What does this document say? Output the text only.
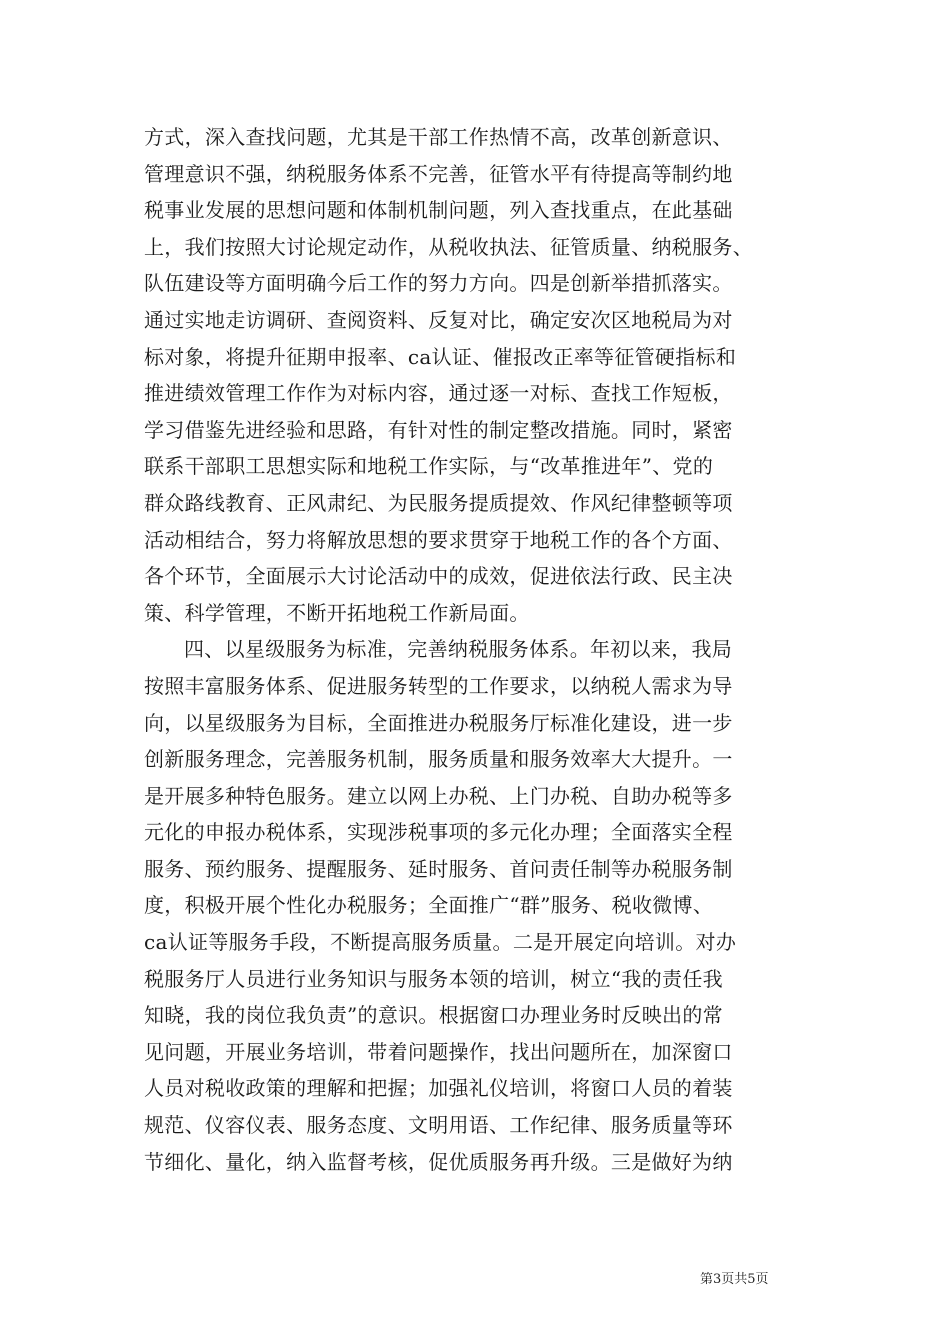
方式，深入查找问题，尤其是干部工作热情不高，改革创新意识、
管理意识不强，纳税服务体系不完善，征管水平有待提高等制约地
税事业发展的思想问题和体制机制问题，列入查找重点，在此基础
上，我们按照大讨论规定动作，从税收执法、征管质量、纳税服务、
队伍建设等方面明确今后工作的努力方向。四是创新举措抓落实。
通过实地走访调研、查阅资料、反复对比，确定安次区地税局为对
标对象，将提升征期申报率、ca认证、催报改正率等征管硬指标和
推进绩效管理工作作为对标内容，通过逐一对标、查找工作短板，
学习借鉴先进经验和思路，有针对性的制定整改措施。同时，紧密
联系干部职工思想实际和地税工作实际，与“改革推进年”、党的
群众路线教育、正风肃纪、为民服务提质提效、作风纪律整顿等项
活动相结合，努力将解放思想的要求贯穿于地税工作的各个方面、
各个环节，全面展示大讨论活动中的成效，促进依法行政、民主决
策、科学管理，不断开拓地税工作新局面。
四、以星级服务为标准，完善纳税服务体系。年初以来，我局
按照丰富服务体系、促进服务转型的工作要求，以纳税人需求为导
向，以星级服务为目标，全面推进办税服务厅标准化建设，进一步
创新服务理念，完善服务机制，服务质量和服务效率大大提升。一
是开展多种特色服务。建立以网上办税、上门办税、自助办税等多
元化的申报办税体系，实现涉税事项的多元化办理；全面落实全程
服务、预约服务、提醒服务、延时服务、首问责任制等办税服务制
度，积极开展个性化办税服务；全面推广“群”服务、税收微博、
ca认证等服务手段，不断提高服务质量。二是开展定向培训。对办
税服务厅人员进行业务知识与服务本领的培训，树立“我的责任我
知晓，我的岗位我负责”的意识。根据窗口办理业务时反映出的常
见问题，开展业务培训，带着问题操作，找出问题所在，加深窗口
人员对税收政策的理解和把握；加强礼仪培训，将窗口人员的着装
规范、仪容仪表、服务态度、文明用语、工作纪律、服务质量等环
节细化、量化，纳入监督考核，促优质服务再升级。三是做好为纳
第3页共5页
